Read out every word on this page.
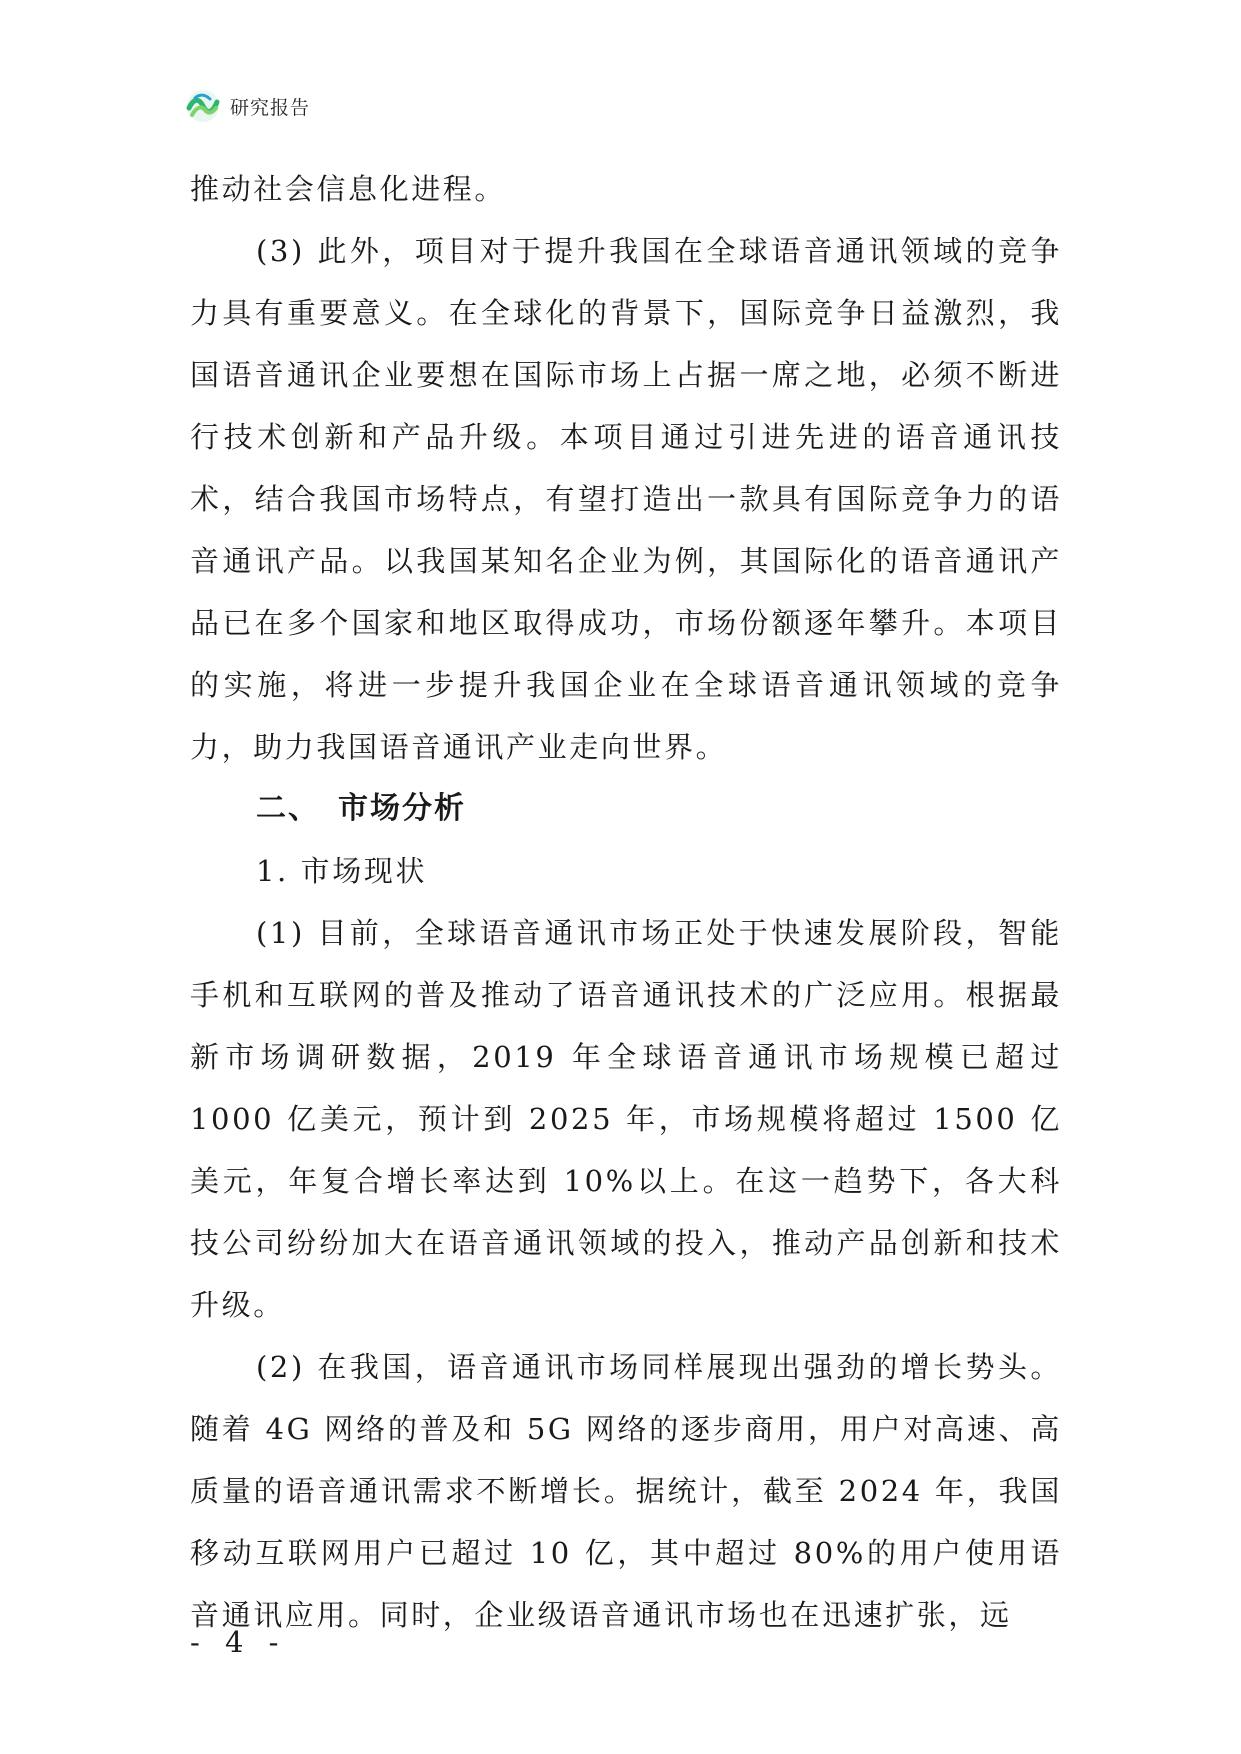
研究报告

推动社会信息化进程。

(3) 此外，项目对于提升我国在全球语音通讯领域的竞争力具有重要意义。在全球化的背景下，国际竞争日益激烈，我国语音通讯企业要想在国际市场上占据一席之地，必须不断进行技术创新和产品升级。本项目通过引进先进的语音通讯技术，结合我国市场特点，有望打造出一款具有国际竞争力的语音通讯产品。以我国某知名企业为例，其国际化的语音通讯产品已在多个国家和地区取得成功，市场份额逐年攀升。本项目的实施，将进一步提升我国企业在全球语音通讯领域的竞争力，助力我国语音通讯产业走向世界。

二、 市场分析

1. 市场现状

(1) 目前，全球语音通讯市场正处于快速发展阶段，智能手机和互联网的普及推动了语音通讯技术的广泛应用。根据最新市场调研数据，2019 年全球语音通讯市场规模已超过 1000 亿美元，预计到 2025 年，市场规模将超过 1500 亿美元，年复合增长率达到 10%以上。在这一趋势下，各大科技公司纷纷加大在语音通讯领域的投入，推动产品创新和技术升级。

(2) 在我国，语音通讯市场同样展现出强劲的增长势头。随着 4G 网络的普及和 5G 网络的逐步商用，用户对高速、高质量的语音通讯需求不断增长。据统计，截至 2024 年，我国移动互联网用户已超过 10 亿，其中超过 80%的用户使用语音通讯应用。同时，企业级语音通讯市场也在迅速扩张，远

- 4 -
